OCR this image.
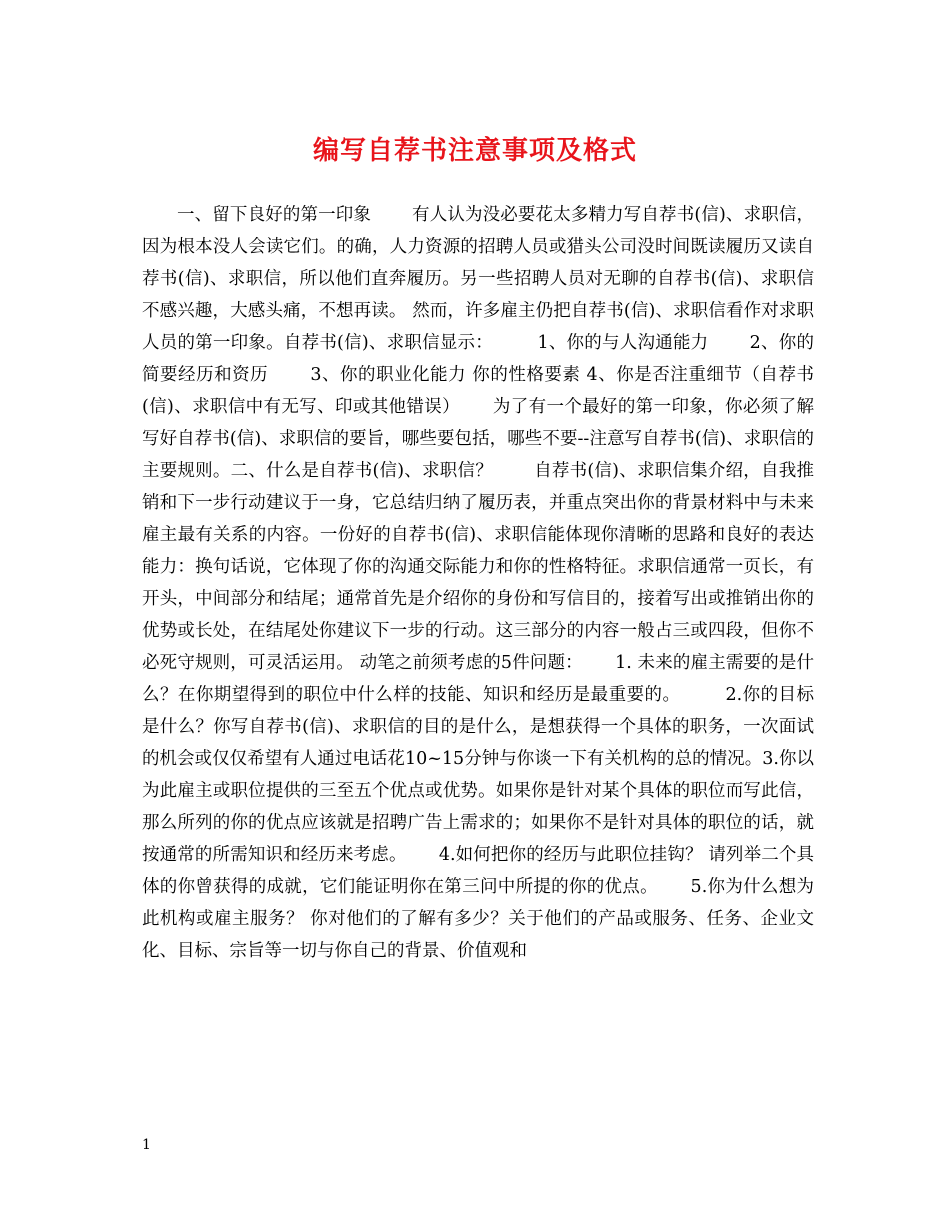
编写自荐书注意事项及格式

一、留下良好的第一印象　　 有人认为没必要花太多精力写自荐书(信)、求职信，因为根本没人会读它们。的确，人力资源的招聘人员或猎头公司没时间既读履历又读自荐书(信)、求职信，所以他们直奔履历。另一些招聘人员对无聊的自荐书(信)、求职信不感兴趣，大感头痛，不想再读。 然而，许多雇主仍把自荐书(信)、求职信看作对求职人员的第一印象。自荐书(信)、求职信显示：　　　1、你的与人沟通能力　　 2、你的简要经历和资历　　 3、你的职业化能力 你的性格要素 4、你是否注重细节（自荐书(信)、求职信中有无写、印或其他错误）　　 为了有一个最好的第一印象，你必须了解写好自荐书(信)、求职信的要旨，哪些要包括，哪些不要--注意写自荐书(信)、求职信的主要规则。二、什么是自荐书(信)、求职信？　　 自荐书(信)、求职信集介绍，自我推销和下一步行动建议于一身，它总结归纳了履历表，并重点突出你的背景材料中与未来雇主最有关系的内容。一份好的自荐书(信)、求职信能体现你清晰的思路和良好的表达能力：换句话说，它体现了你的沟通交际能力和你的性格特征。求职信通常一页长，有开头，中间部分和结尾；通常首先是介绍你的身份和写信目的，接着写出或推销出你的优势或长处，在结尾处你建议下一步的行动。这三部分的内容一般占三或四段，但你不必死守规则，可灵活运用。 动笔之前须考虑的5件问题：　　 1. 未来的雇主需要的是什么？在你期望得到的职位中什么样的技能、知识和经历是最重要的。　　　2.你的目标是什么？你写自荐书(信)、求职信的目的是什么，是想获得一个具体的职务，一次面试的机会或仅仅希望有人通过电话花10~15分钟与你谈一下有关机构的总的情况。3.你以为此雇主或职位提供的三至五个优点或优势。如果你是针对某个具体的职位而写此信，那么所列的你的优点应该就是招聘广告上需求的；如果你不是针对具体的职位的话，就按通常的所需知识和经历来考虑。　　 4.如何把你的经历与此职位挂钩？ 请列举二个具体的你曾获得的成就，它们能证明你在第三问中所提的你的优点。　　 5.你为什么想为此机构或雇主服务？ 你对他们的了解有多少？关于他们的产品或服务、任务、企业文化、目标、宗旨等一切与你自己的背景、价值观和

1
